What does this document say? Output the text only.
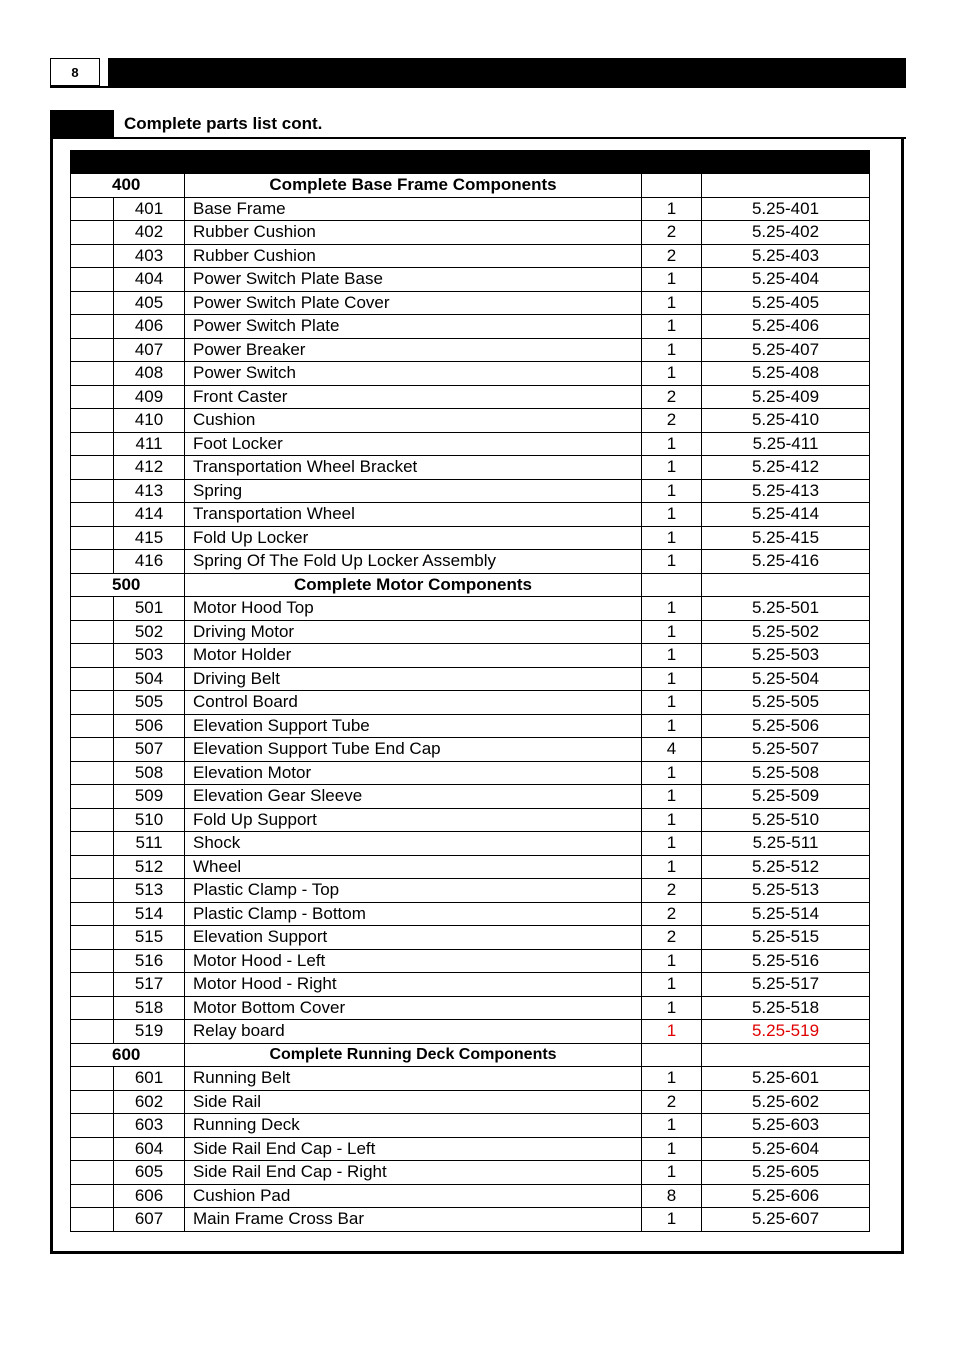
8
Complete parts list cont.
400	Complete Base Frame Components
401	Base Frame	1	5.25-401
402	Rubber Cushion	2	5.25-402
403	Rubber Cushion	2	5.25-403
404	Power Switch Plate Base	1	5.25-404
405	Power Switch Plate Cover	1	5.25-405
406	Power Switch Plate	1	5.25-406
407	Power Breaker	1	5.25-407
408	Power Switch	1	5.25-408
409	Front Caster	2	5.25-409
410	Cushion	2	5.25-410
411	Foot Locker	1	5.25-411
412	Transportation Wheel Bracket	1	5.25-412
413	Spring	1	5.25-413
414	Transportation Wheel	1	5.25-414
415	Fold Up Locker	1	5.25-415
416	Spring Of The Fold Up Locker Assembly	1	5.25-416
500	Complete Motor Components
501	Motor Hood Top	1	5.25-501
502	Driving Motor	1	5.25-502
503	Motor Holder	1	5.25-503
504	Driving Belt	1	5.25-504
505	Control Board	1	5.25-505
506	Elevation Support Tube	1	5.25-506
507	Elevation Support Tube End Cap	4	5.25-507
508	Elevation Motor	1	5.25-508
509	Elevation Gear Sleeve	1	5.25-509
510	Fold Up Support	1	5.25-510
511	Shock	1	5.25-511
512	Wheel	1	5.25-512
513	Plastic Clamp - Top	2	5.25-513
514	Plastic Clamp - Bottom	2	5.25-514
515	Elevation Support	2	5.25-515
516	Motor Hood - Left	1	5.25-516
517	Motor Hood - Right	1	5.25-517
518	Motor Bottom Cover	1	5.25-518
519	Relay board	1	5.25-519
600	Complete Running Deck Components
601	Running Belt	1	5.25-601
602	Side Rail	2	5.25-602
603	Running Deck	1	5.25-603
604	Side Rail End Cap - Left	1	5.25-604
605	Side Rail End Cap - Right	1	5.25-605
606	Cushion Pad	8	5.25-606
607	Main Frame Cross Bar	1	5.25-607
